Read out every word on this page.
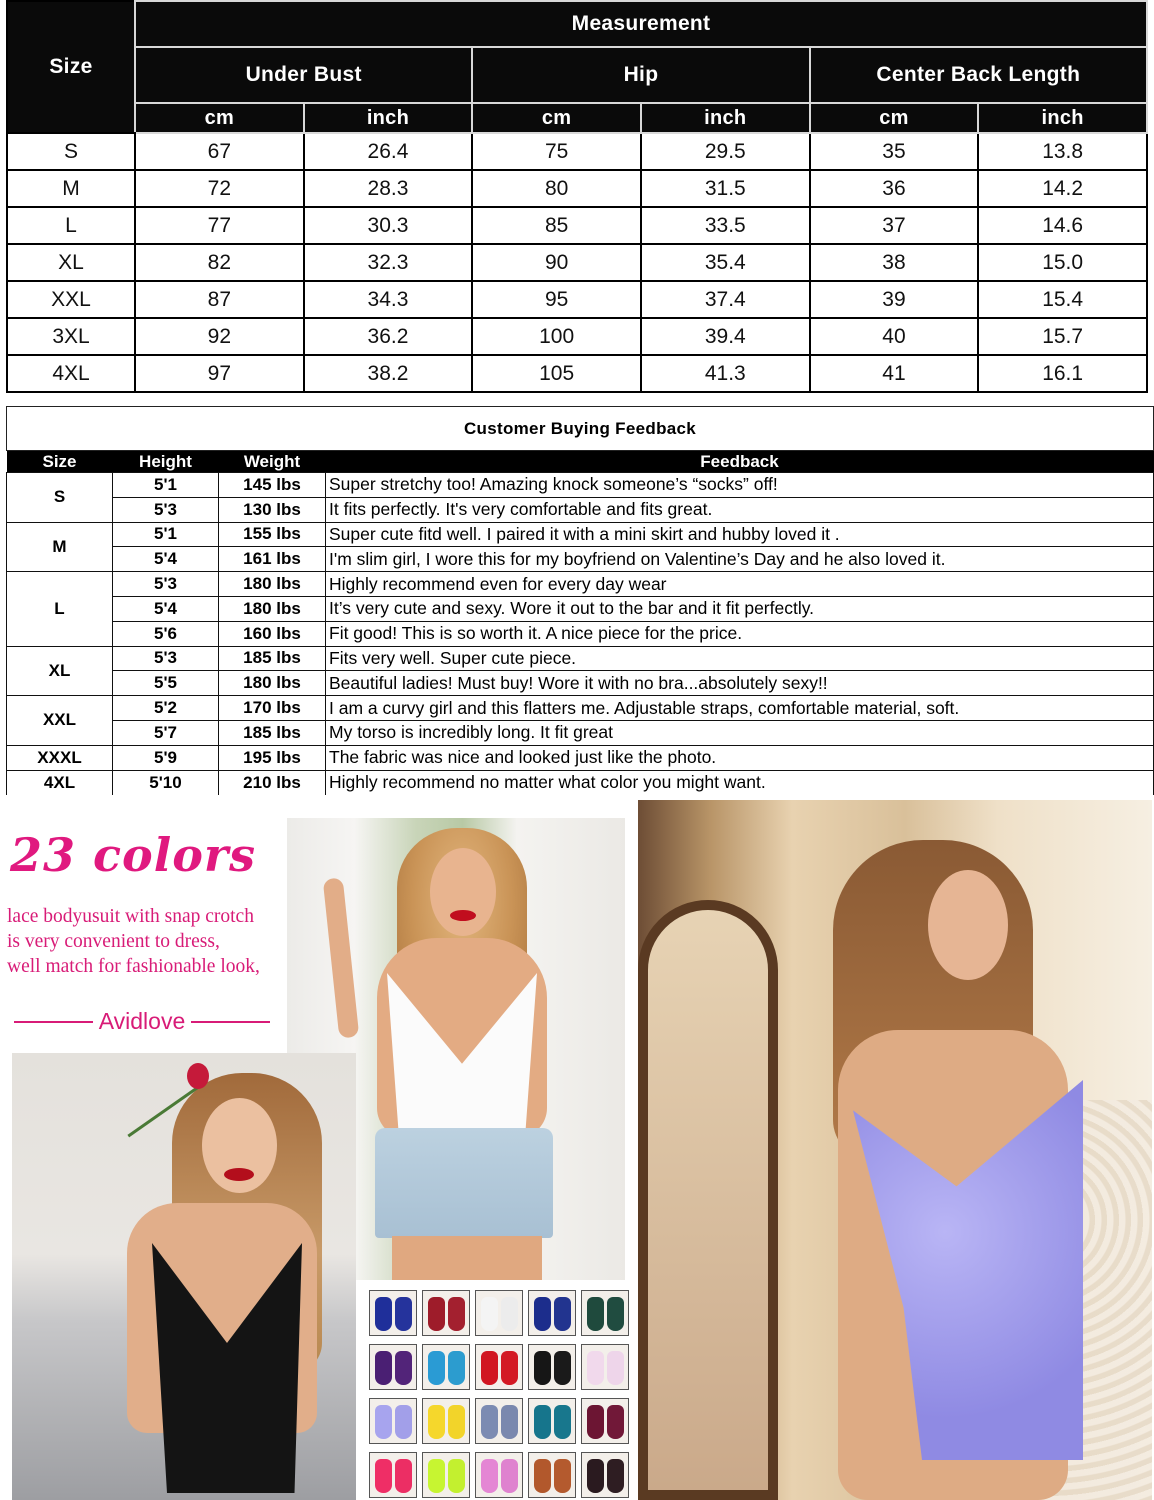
Size	Measurement					
	Under Bust		Hip		Center Back Length	
	cm	inch	cm	inch	cm	inch
S	67	26.4	75	29.5	35	13.8
M	72	28.3	80	31.5	36	14.2
L	77	30.3	85	33.5	37	14.6
XL	82	32.3	90	35.4	38	15.0
XXL	87	34.3	95	37.4	39	15.4
3XL	92	36.2	100	39.4	40	15.7
4XL	97	38.2	105	41.3	41	16.1
Customer Buying Feedback			
Size	Height	Weight	Feedback
S	5'1	145 lbs	Super stretchy too! Amazing knock someone’s “socks” off!
	5'3	130 lbs	It fits perfectly. It's very comfortable and fits great.
M	5'1	155 lbs	Super cute fitd well. I paired it with a mini skirt and hubby loved it .
	5'4	161 lbs	I'm slim girl, I wore this for my boyfriend on Valentine’s Day and he also loved it.
L	5'3	180 lbs	Highly recommend even for every day wear
	5'4	180 lbs	It’s very cute and sexy. Wore it out to the bar and it fit perfectly.
	5'6	160 lbs	Fit good! This is so worth it. A nice piece for the price.
XL	5'3	185 lbs	Fits very well. Super cute piece.
	5'5	180 lbs	Beautiful ladies! Must buy! Wore it with no bra...absolutely sexy!!
XXL	5'2	170 lbs	I am a curvy girl and this flatters me. Adjustable straps, comfortable material, soft.
	5'7	185 lbs	My torso is incredibly long. It fit great
XXXL	5'9	195 lbs	The fabric was nice and looked just like the photo.
4XL	5'10	210 lbs	Highly recommend no matter what color you might want.
23 colors
lace bodyusuit with snap crotch
is very convenient to dress,
well match for fashionable look,
Avidlove
